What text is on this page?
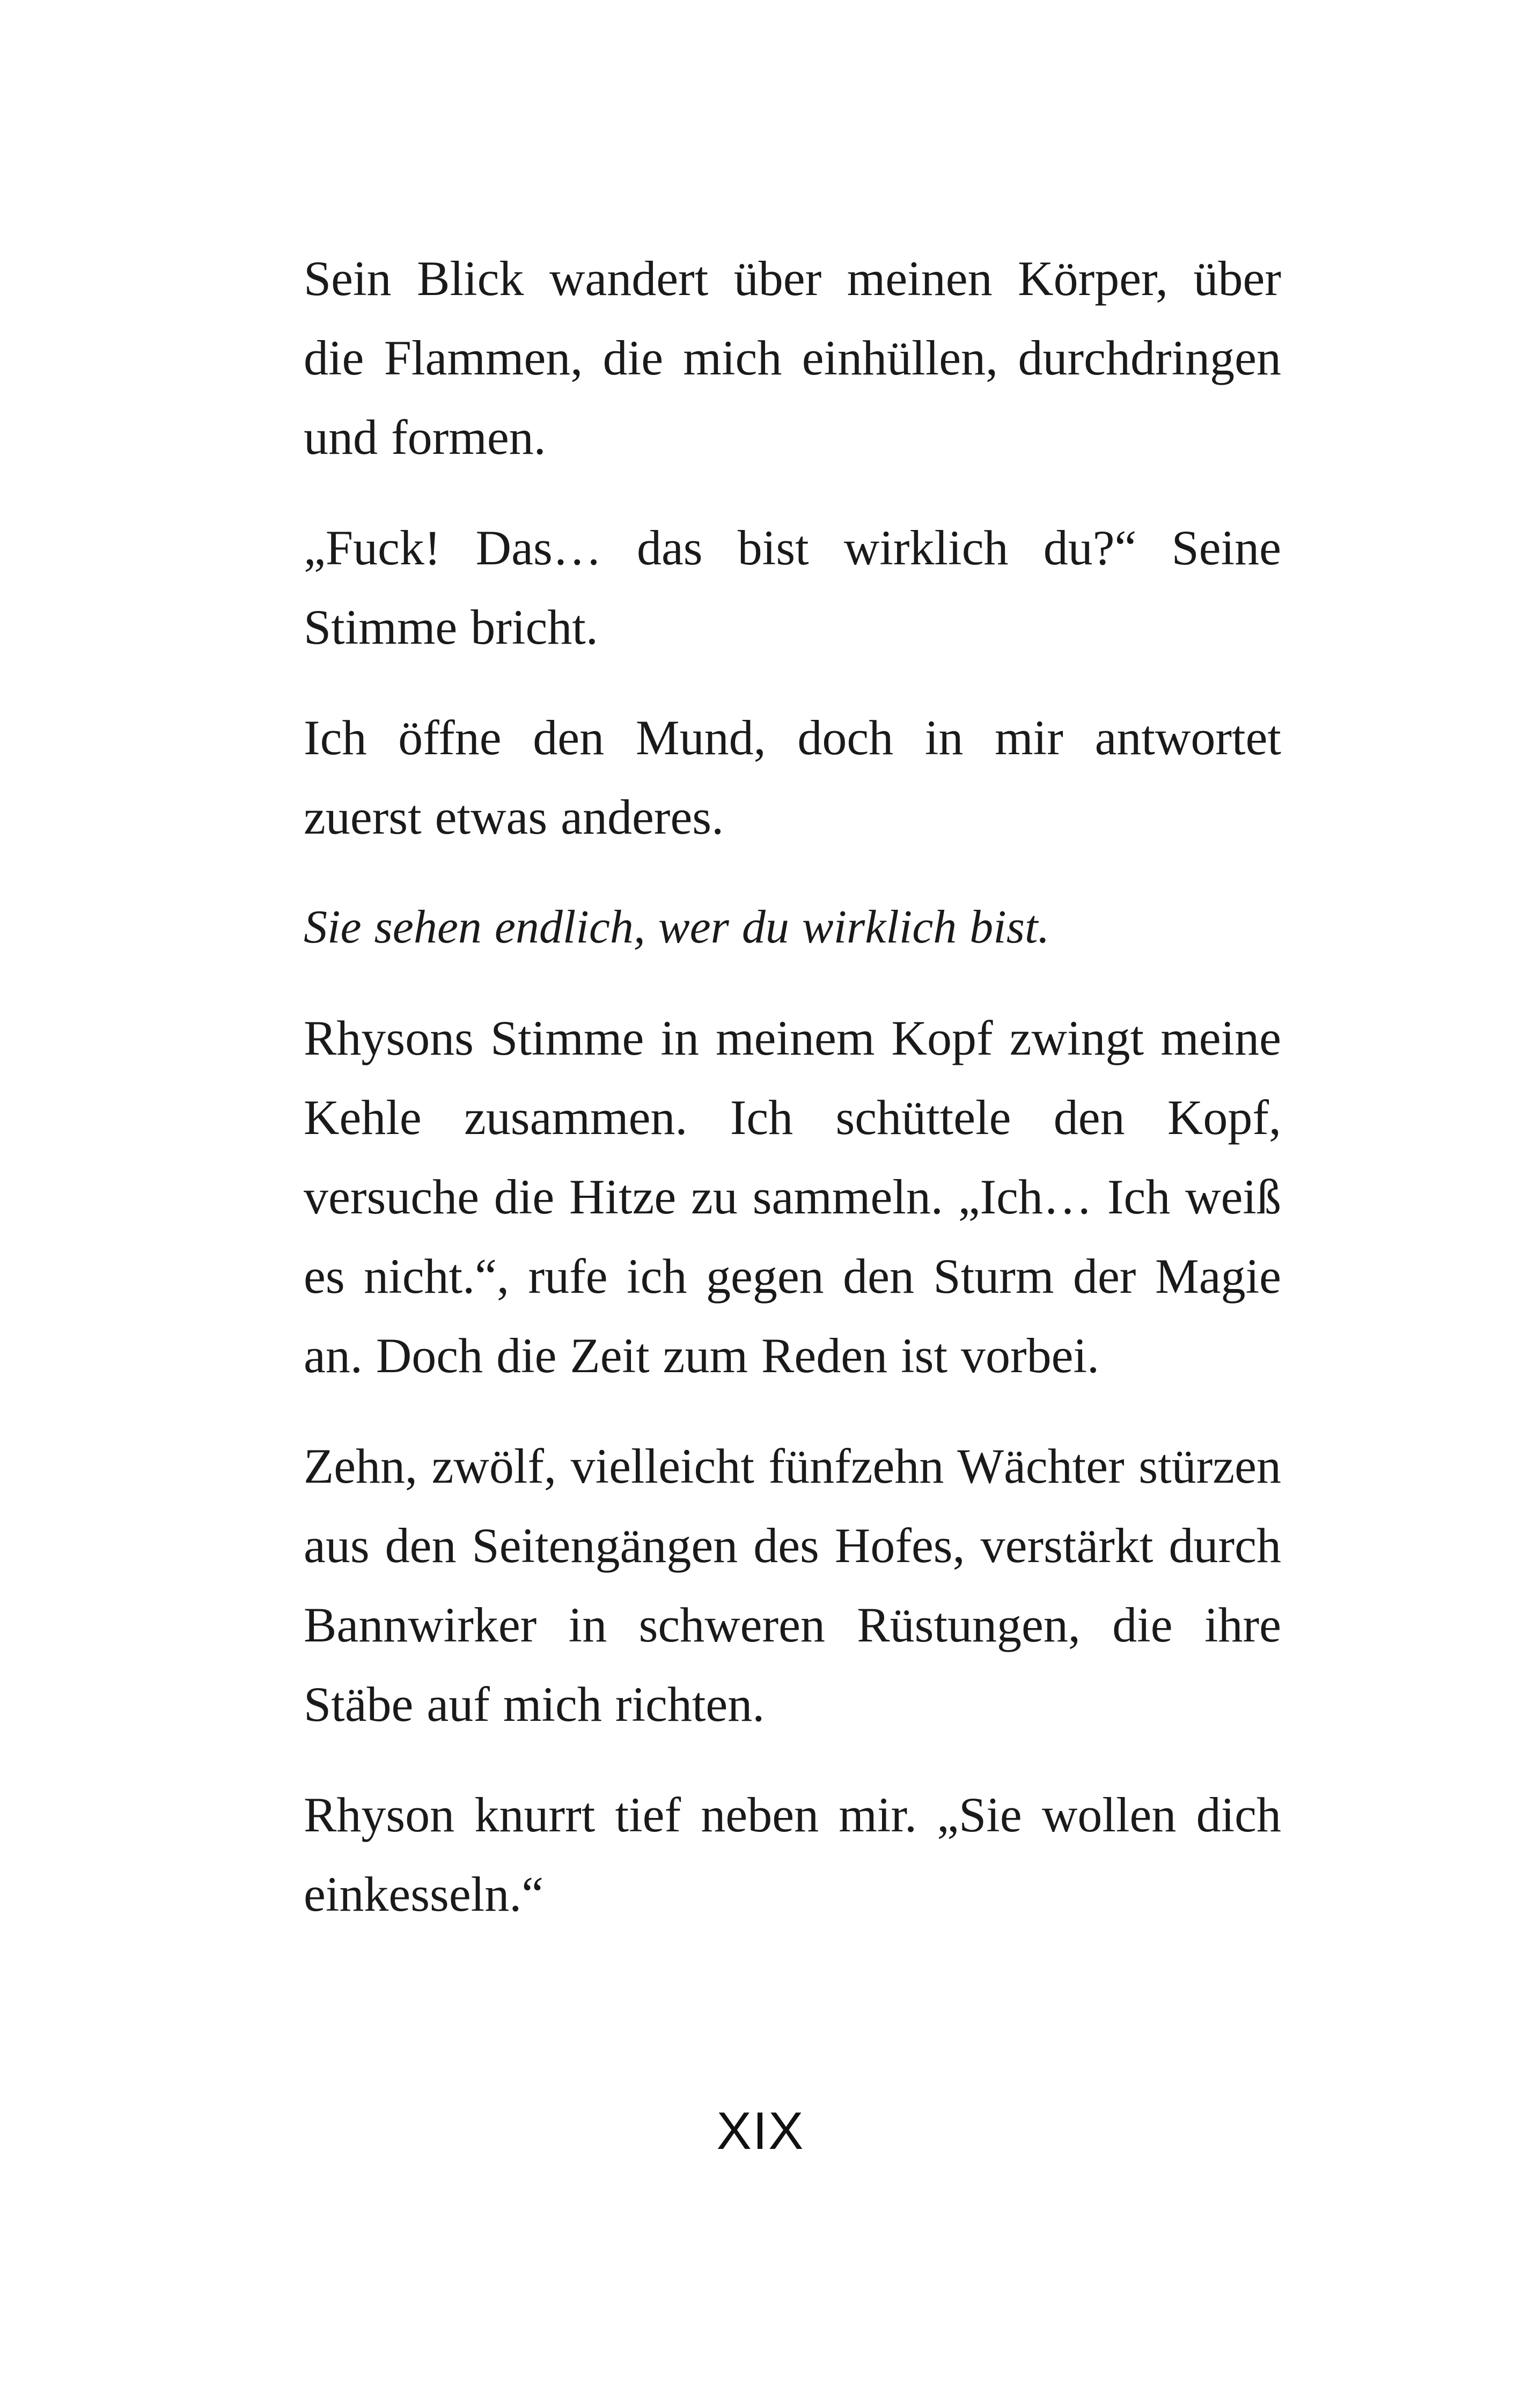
Sein Blick wandert über meinen Körper, über die Flammen, die mich einhüllen, durchdringen und formen.

„Fuck! Das… das bist wirklich du?“ Seine Stimme bricht.

Ich öffne den Mund, doch in mir antwortet zuerst etwas anderes.

Sie sehen endlich, wer du wirklich bist.

Rhysons Stimme in meinem Kopf zwingt meine Kehle zusammen. Ich schüttele den Kopf, versuche die Hitze zu sammeln. „Ich… Ich weiß es nicht.“, rufe ich gegen den Sturm der Magie an. Doch die Zeit zum Reden ist vorbei.

Zehn, zwölf, vielleicht fünfzehn Wächter stürzen aus den Seitengängen des Hofes, verstärkt durch Bannwirker in schweren Rüstungen, die ihre Stäbe auf mich richten.

Rhyson knurrt tief neben mir. „Sie wollen dich einkesseln.“

XIX
